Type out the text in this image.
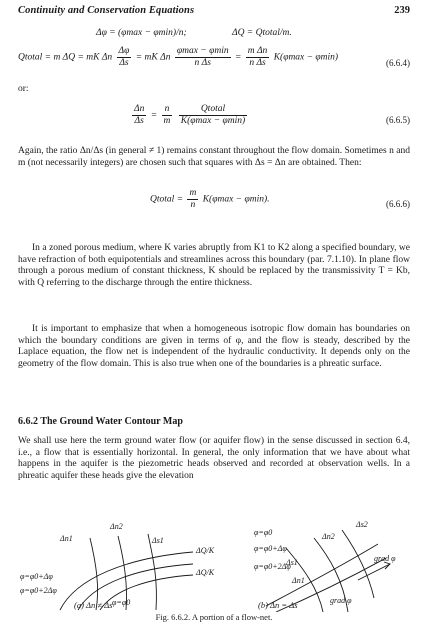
Continuity and Conservation Equations	239
Δφ = (φmax − φmin)/n;	ΔQ = Qtotal/m.
Qtotal = m ΔQ = mK Δn $\frac{\Delta\varphi}{\Delta s}$ = mK Δn $\frac{\varphi\max - \varphi\min}{\text{n Δs}} = \frac{\text{m Δn}}{\text{n Δs}} K(\varphi\max - \varphi\min)$
(6.6.4)
or:
$\frac{\Delta n}{\Delta s} = \frac{n}{m}$
$\frac{\text{Qtotal}}{K(\varphi\max - \varphi\min)}$	(6.6.5)
Again, the ratio Δn/Δs (in general ≠ 1) remains constant throughout the flow domain. Sometimes n and m (not necessarily integers) are chosen such that squares with Δs = Δn are obtained. Then:
Qtotal = $\frac{m}{n} K(\varphi\max - \varphi\min)$.	(6.6.6)
In a zoned porous medium, where K varies abruptly from K1 to K2 along a specified boundary, we have refraction of both equipotentials and streamlines across this boundary (par. 7.1.10). In plane flow through a porous medium of constant thickness, K should be replaced by the transmissivity T = Kb, with Q referring to the discharge through the entire thickness.
It is important to emphasize that when a homogeneous isotropic flow domain has boundaries on which the boundary conditions are given in terms of φ, and the flow is steady, described by the Laplace equation, the flow net is independent of the hydraulic conductivity. It depends only on the geometry of the flow domain. This is also true when one of the boundaries is a phreatic surface.
6.6.2 The Ground Water Contour Map
We shall use here the term ground water flow (or aquifer flow) in the sense discussed in section 6.4, i.e., a flow that is essentially horizontal. In general, the only information that we have about what happens in the aquifer is the piezometric heads observed and recorded at observation wells. In a phreatic aquifer these heads give the elevation
Δn2
Δn1
ΔQ/K
ΔQ/K
Δs1
φ=φ0+Δφ
φ=φ0+2Δφ
φ=φ0
Δs2
Δn2
Δs1
Δn1
grad φ
φ=φ0
φ=φ0+Δφ
φ=φ0+2Δφ
grad φ
(a) Δn ≠ Δs	(b) Δn = Δs
Fig. 6.6.2. A portion of a flow-net.
